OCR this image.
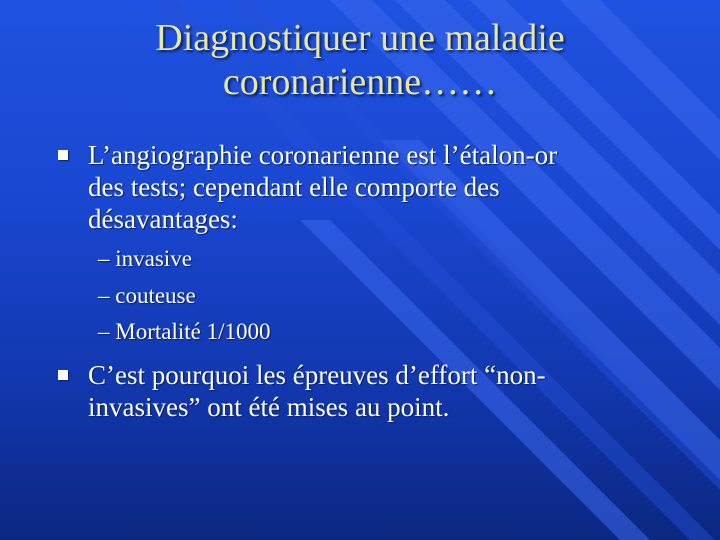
Diagnostiquer une maladie
coronarienne……
L’angiographie coronarienne est l’étalon-or
des tests; cependant elle comporte des
désavantages:
– invasive
– couteuse
– Mortalité 1/1000
C’est pourquoi les épreuves d’effort “non-
invasives” ont été mises au point.
